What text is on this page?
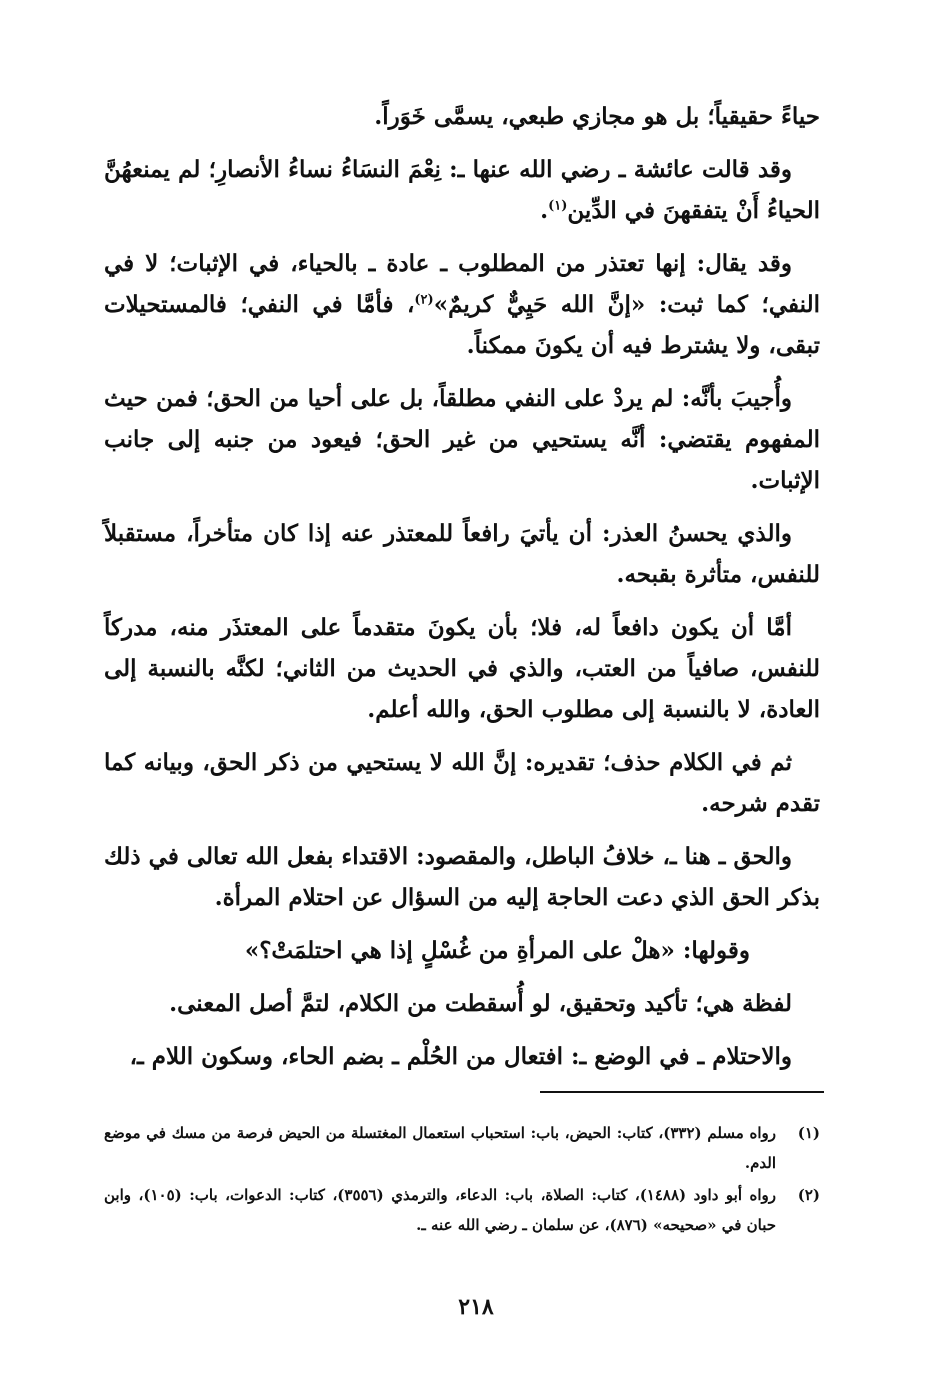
حياءً حقيقياً؛ بل هو مجازي طبعي، يسمَّى خَوَراً.

وقد قالت عائشة ـ رضي الله عنها ـ: نِعْمَ النسَاءُ نساءُ الأنصارِ؛ لم يمنعهُنَّ الحياءُ أَنْ يتفقهنَ في الدِّين$^{(١)}$.

وقد يقال: إنها تعتذر من المطلوب ـ عادة ـ بالحياء، في الإثبات؛ لا في النفي؛ كما ثبت: «إنَّ الله حَيِيٌّ كريمٌ»$^{(٢)}$، فأمَّا في النفي؛ فالمستحيلات تبقى، ولا يشترط فيه أن يكونَ ممكناً.

وأُجيبَ بأنَّه: لم يردْ على النفي مطلقاً، بل على أحيا من الحق؛ فمن حيث المفهوم يقتضي: أنَّه يستحيي من غير الحق؛ فيعود من جنبه إلى جانب الإثبات.

والذي يحسنُ العذر: أن يأتيَ رافعاً للمعتذر عنه إذا كان متأخراً، مستقبلاً للنفس، متأثرة بقبحه.

أمَّا أن يكون دافعاً له، فلا؛ بأن يكونَ متقدماً على المعتذَر منه، مدركاً للنفس، صافياً من العتب، والذي في الحديث من الثاني؛ لكنَّه بالنسبة إلى العادة، لا بالنسبة إلى مطلوب الحق، والله أعلم.

ثم في الكلام حذف؛ تقديره: إنَّ الله لا يستحيي من ذكر الحق، وبيانه كما تقدم شرحه.

والحق ـ هنا ـ، خلافُ الباطل، والمقصود: الاقتداء بفعل الله تعالى في ذلك بذكر الحق الذي دعت الحاجة إليه من السؤال عن احتلام المرأة.

وقولها: «هلْ على المرأةِ من غُسْلٍ إذا هي احتلمَتْ؟»

لفظة هي؛ تأكيد وتحقيق، لو أُسقطت من الكلام، لتمَّ أصل المعنى.

والاحتلام ـ في الوضع ـ: افتعال من الحُلْم ـ بضم الحاء، وسكون اللام ـ،

(١)
رواه مسلم (٣٣٢)، كتاب: الحيض، باب: استحباب استعمال المغتسلة من الحيض فرصة من مسك في موضع الدم.
(٢)
رواه أبو داود (١٤٨٨)، كتاب: الصلاة، باب: الدعاء، والترمذي (٣٥٥٦)، كتاب: الدعوات، باب: (١٠٥)، وابن حبان في «صحيحه» (٨٧٦)، عن سلمان ـ رضي الله عنه ـ.
٢١٨
